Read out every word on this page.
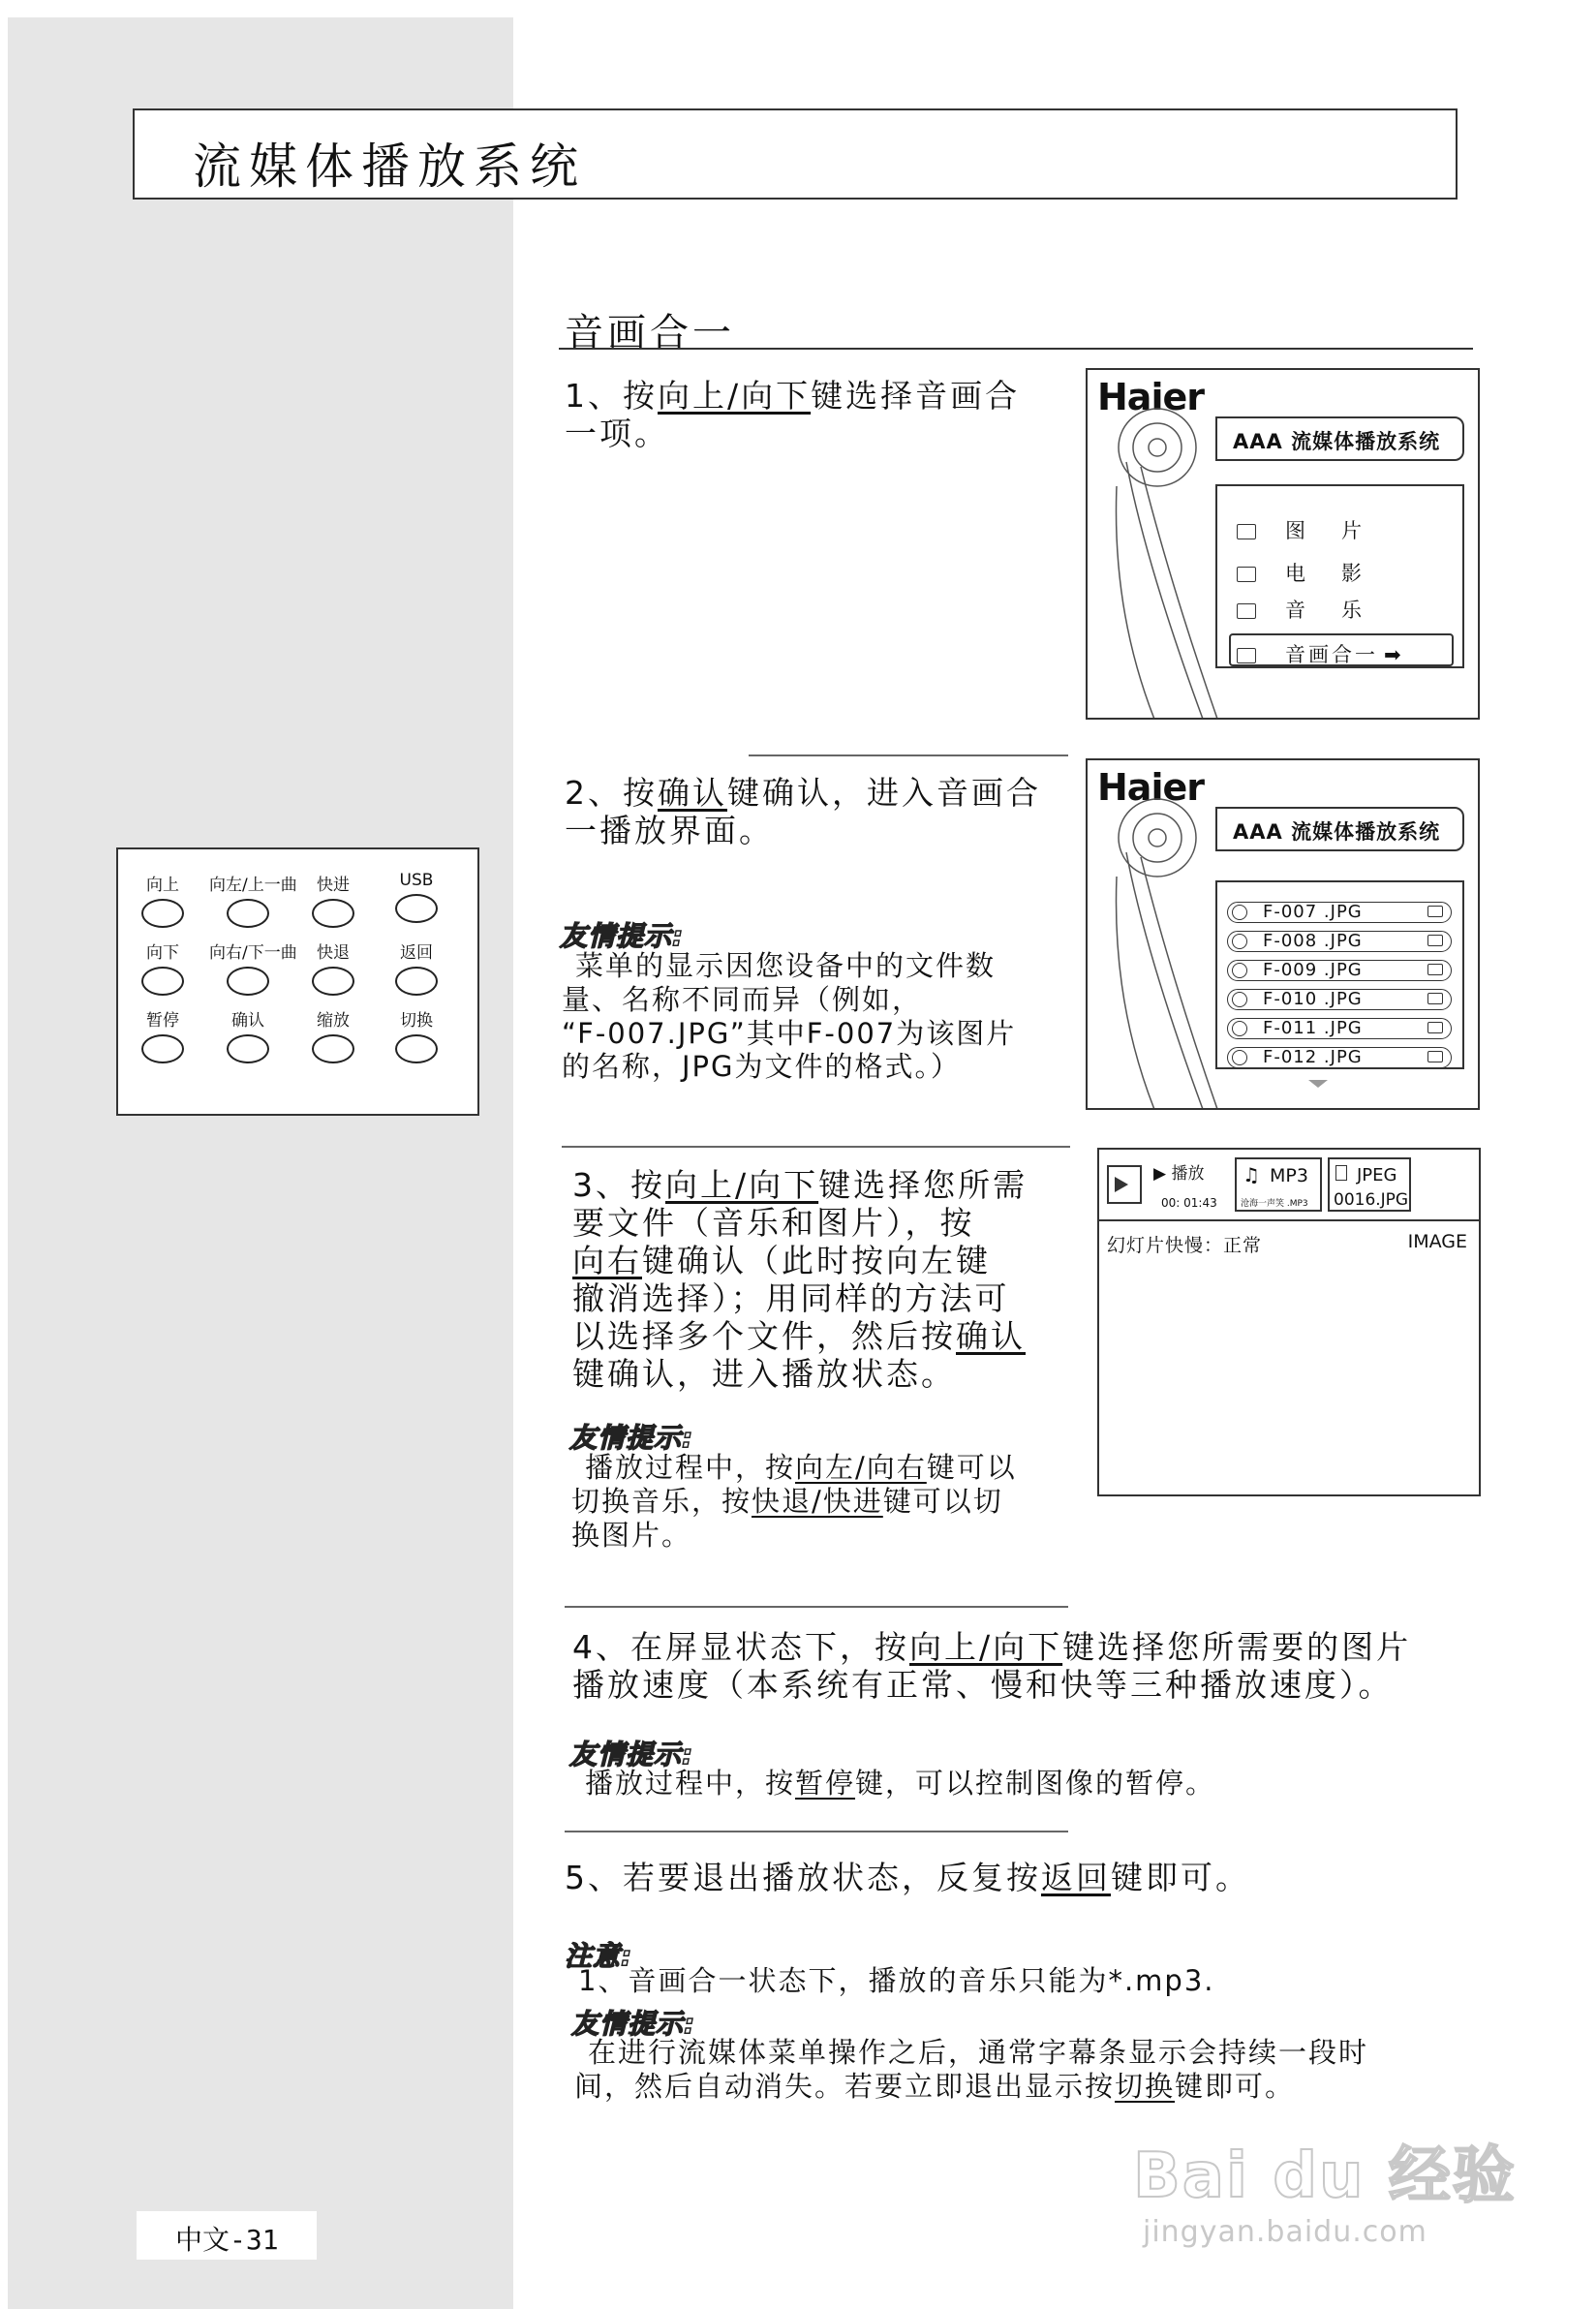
流媒体播放系统
音画合一
1、按向上/向下键选择音画合
一项。
Haier
AAA 流媒体播放系统
图　片
电　影
音　乐
音画合一 ➡
2、按确认键确认，进入音画合
一播放界面。
向上	向左/上一曲	快进	USB
向下	向右/下一曲	快退	返回
暂停	确认	缩放	切换
友情提示:
菜单的显示因您设备中的文件数
量、名称不同而异（例如，
“F-007.JPG”其中F-007为该图片
的名称，JPG为文件的格式。）
Haier
AAA 流媒体播放系统
F-007 .JPG
F-008 .JPG
F-009 .JPG
F-010 .JPG
F-011 .JPG
F-012 .JPG
3、按向上/向下键选择您所需
要文件（音乐和图片），按
向右键确认（此时按向左键
撤消选择）；用同样的方法可
以选择多个文件，然后按确认
键确认，进入播放状态。
▶ 播放
00: 01:43
♫ MP3
沧海一声笑 .MP3
JPEG
0016.JPG
幻灯片快慢：正常	IMAGE
友情提示:
播放过程中，按向左/向右键可以
切换音乐，按快退/快进键可以切
换图片。
4、在屏显状态下，按向上/向下键选择您所需要的图片
播放速度（本系统有正常、慢和快等三种播放速度）。
友情提示:
播放过程中，按暂停键，可以控制图像的暂停。
5、若要退出播放状态，反复按返回键即可。
注意:
1、音画合一状态下，播放的音乐只能为*.mp3.
友情提示:
在进行流媒体菜单操作之后，通常字幕条显示会持续一段时
间，然后自动消失。若要立即退出显示按切换键即可。
Bai du 经验
jingyan.baidu.com
中文-31
